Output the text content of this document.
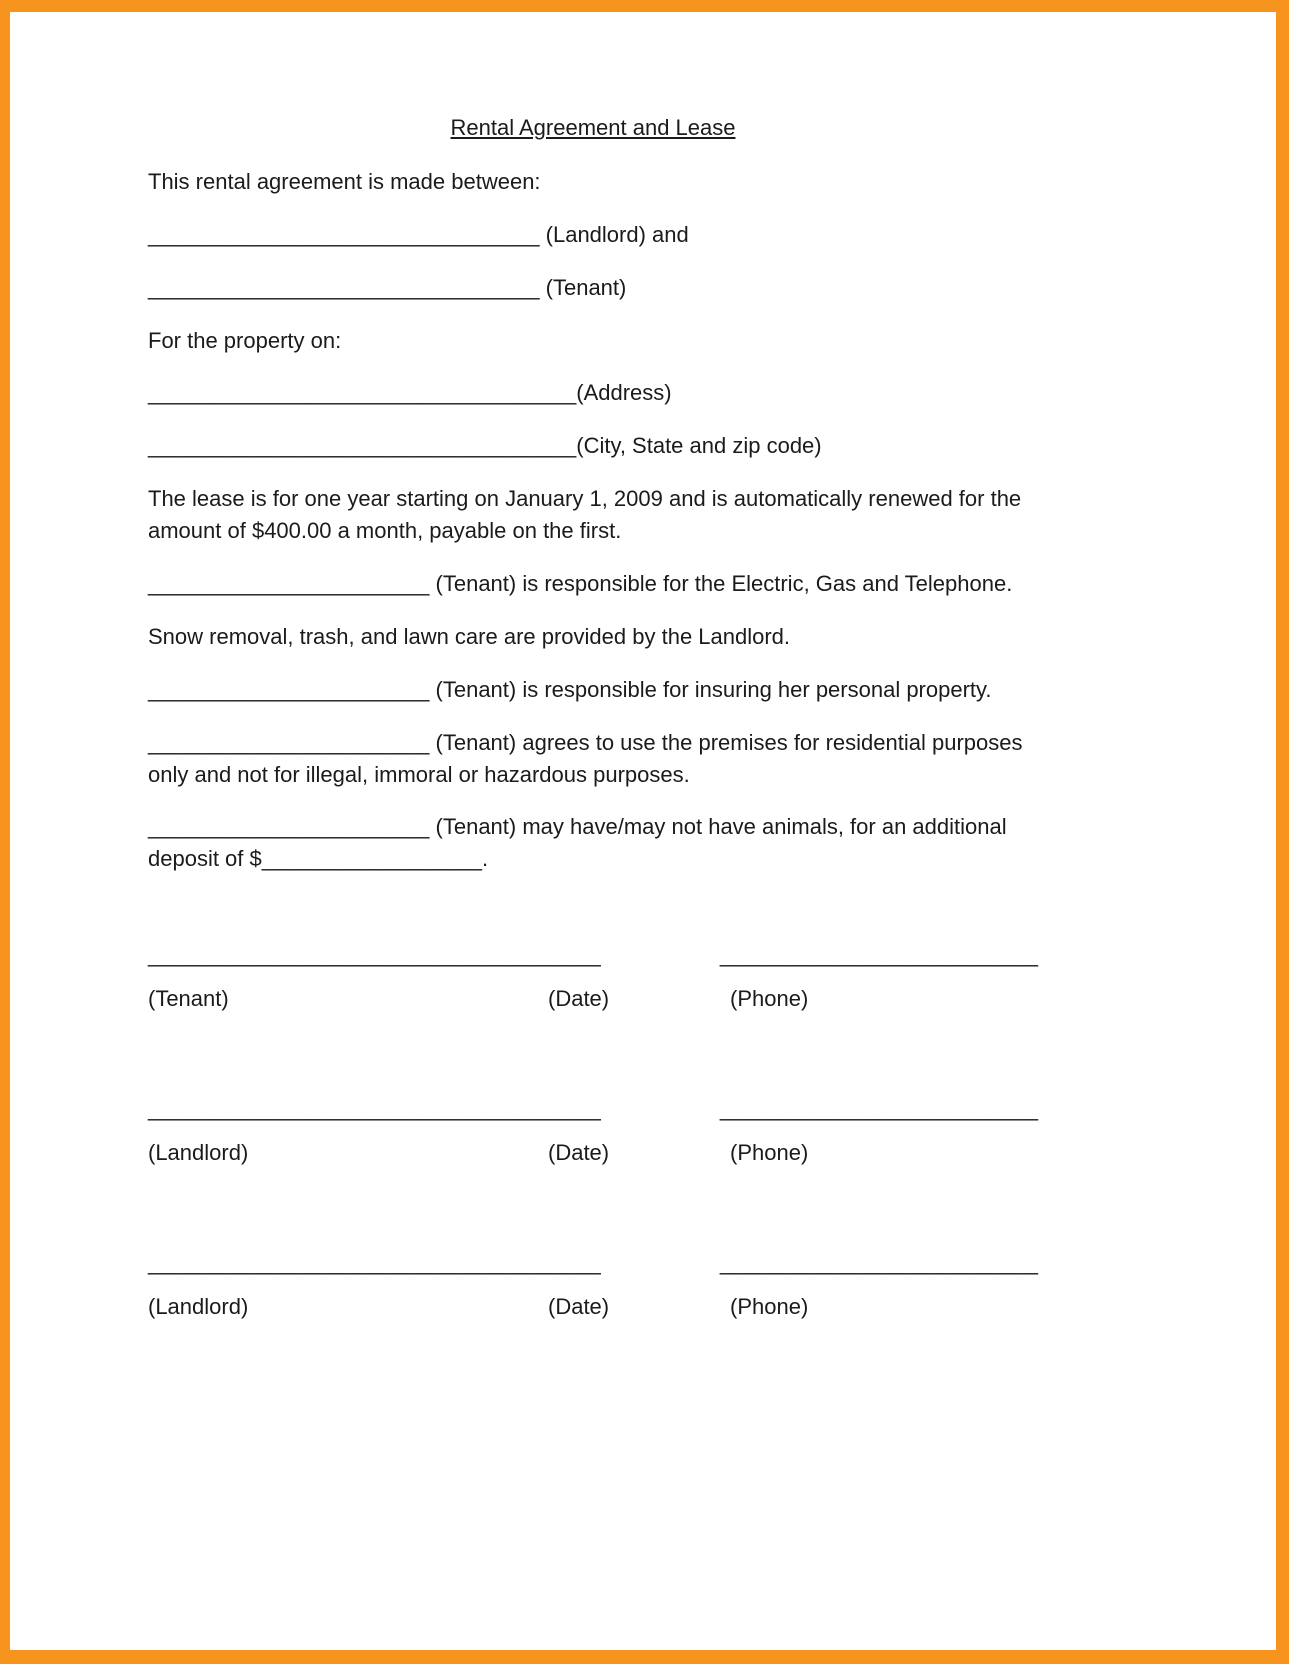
Rental Agreement and Lease

This rental agreement is made between:

________________________________ (Landlord) and

________________________________ (Tenant)

For the property on:

___________________________________(Address)

___________________________________(City, State and zip code)

The lease is for one year starting on January 1, 2009 and is automatically renewed for the amount of $400.00 a month, payable on the first.

_______________________ (Tenant) is responsible for the Electric, Gas and Telephone.

Snow removal, trash, and lawn care are provided by the Landlord.

_______________________ (Tenant) is responsible for insuring her personal property.

_______________________ (Tenant) agrees to use the premises for residential purposes only and not for illegal, immoral or hazardous purposes.

_______________________ (Tenant) may have/may not have animals, for an additional deposit of $__________________.

_____________________________________	__________________________
(Tenant)	(Date)	(Phone)
_____________________________________	__________________________
(Landlord)	(Date)	(Phone)
_____________________________________	__________________________
(Landlord)	(Date)	(Phone)
